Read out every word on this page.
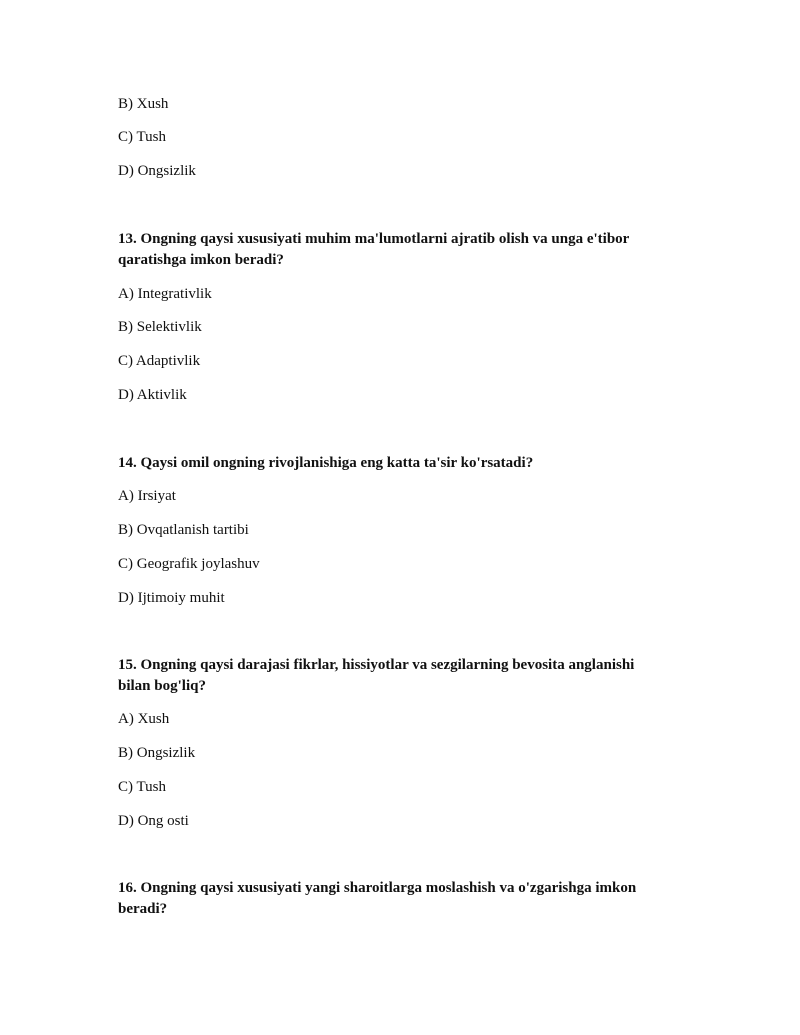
B) Xush
C) Tush
D) Ongsizlik
13. Ongning qaysi xususiyati muhim ma'lumotlarni ajratib olish va unga e'tibor
qaratishga imkon beradi?
A) Integrativlik
B) Selektivlik
C) Adaptivlik
D) Aktivlik
14. Qaysi omil ongning rivojlanishiga eng katta ta'sir ko'rsatadi?
A) Irsiyat
B) Ovqatlanish tartibi
C) Geografik joylashuv
D) Ijtimoiy muhit
15. Ongning qaysi darajasi fikrlar, hissiyotlar va sezgilarning bevosita anglanishi
bilan bog'liq?
A) Xush
B) Ongsizlik
C) Tush
D) Ong osti
16. Ongning qaysi xususiyati yangi sharoitlarga moslashish va o'zgarishga imkon
beradi?
